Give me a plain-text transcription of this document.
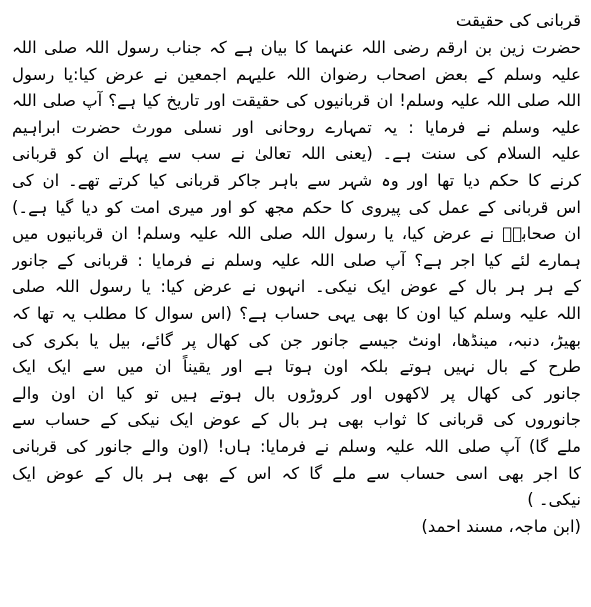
قربانی کی حقیقت
حضرت زین بن ارقم رضی اللہ عنہما کا بیان ہے کہ جناب رسول اللہ صلی اللہ
علیہ وسلم کے بعض اصحاب رضوان اللہ علیہم اجمعین نے عرض کیا:یا رسول
اللہ صلی اللہ علیہ وسلم! ان قربانیوں کی حقیقت اور تاریخ کیا ہے؟ آپ صلی اللہ
علیہ وسلم نے فرمایا : یہ تمہارے روحانی اور نسلی مورث حضرت ابراہیم
علیہ السلام کی سنت ہے۔ (یعنی اللہ تعالیٰ نے سب سے پہلے ان کو قربانی
کرنے کا حکم دیا تھا اور وہ شہر سے باہر جاکر قربانی کیا کرتے تھے۔ ان کی
اس قربانی کے عمل کی پیروی کا حکم مجھ کو اور میری امت کو دیا گیا ہے۔)
ان صحابہؓ نے عرض کیا، یا رسول اللہ صلی اللہ علیہ وسلم! ان قربانیوں میں
ہمارے لئے کیا اجر ہے؟ آپ صلی اللہ علیہ وسلم نے فرمایا : قربانی کے جانور
کے ہر ہر بال کے عوض ایک نیکی۔ انہوں نے عرض کیا: یا رسول اللہ صلی
اللہ علیہ وسلم کیا اون کا بھی یہی حساب ہے؟ (اس سوال کا مطلب یہ تھا کہ
بھیڑ، دنبہ، مینڈھا، اونٹ جیسے جانور جن کی کھال پر گائے، بیل یا بکری کی
طرح کے بال نہیں ہوتے بلکہ اون ہوتا ہے اور یقیناً ان میں سے ایک ایک
جانور کی کھال پر لاکھوں اور کروڑوں بال ہوتے ہیں تو کیا ان اون والے
جانوروں کی قربانی کا ثواب بھی ہر بال کے عوض ایک نیکی کے حساب سے
ملے گا) آپ صلی اللہ علیہ وسلم نے فرمایا: ہاں! (اون والے جانور کی قربانی
کا اجر بھی اسی حساب سے ملے گا کہ اس کے بھی ہر بال کے عوض ایک
نیکی۔ )
(ابن ماجہ، مسند احمد)
